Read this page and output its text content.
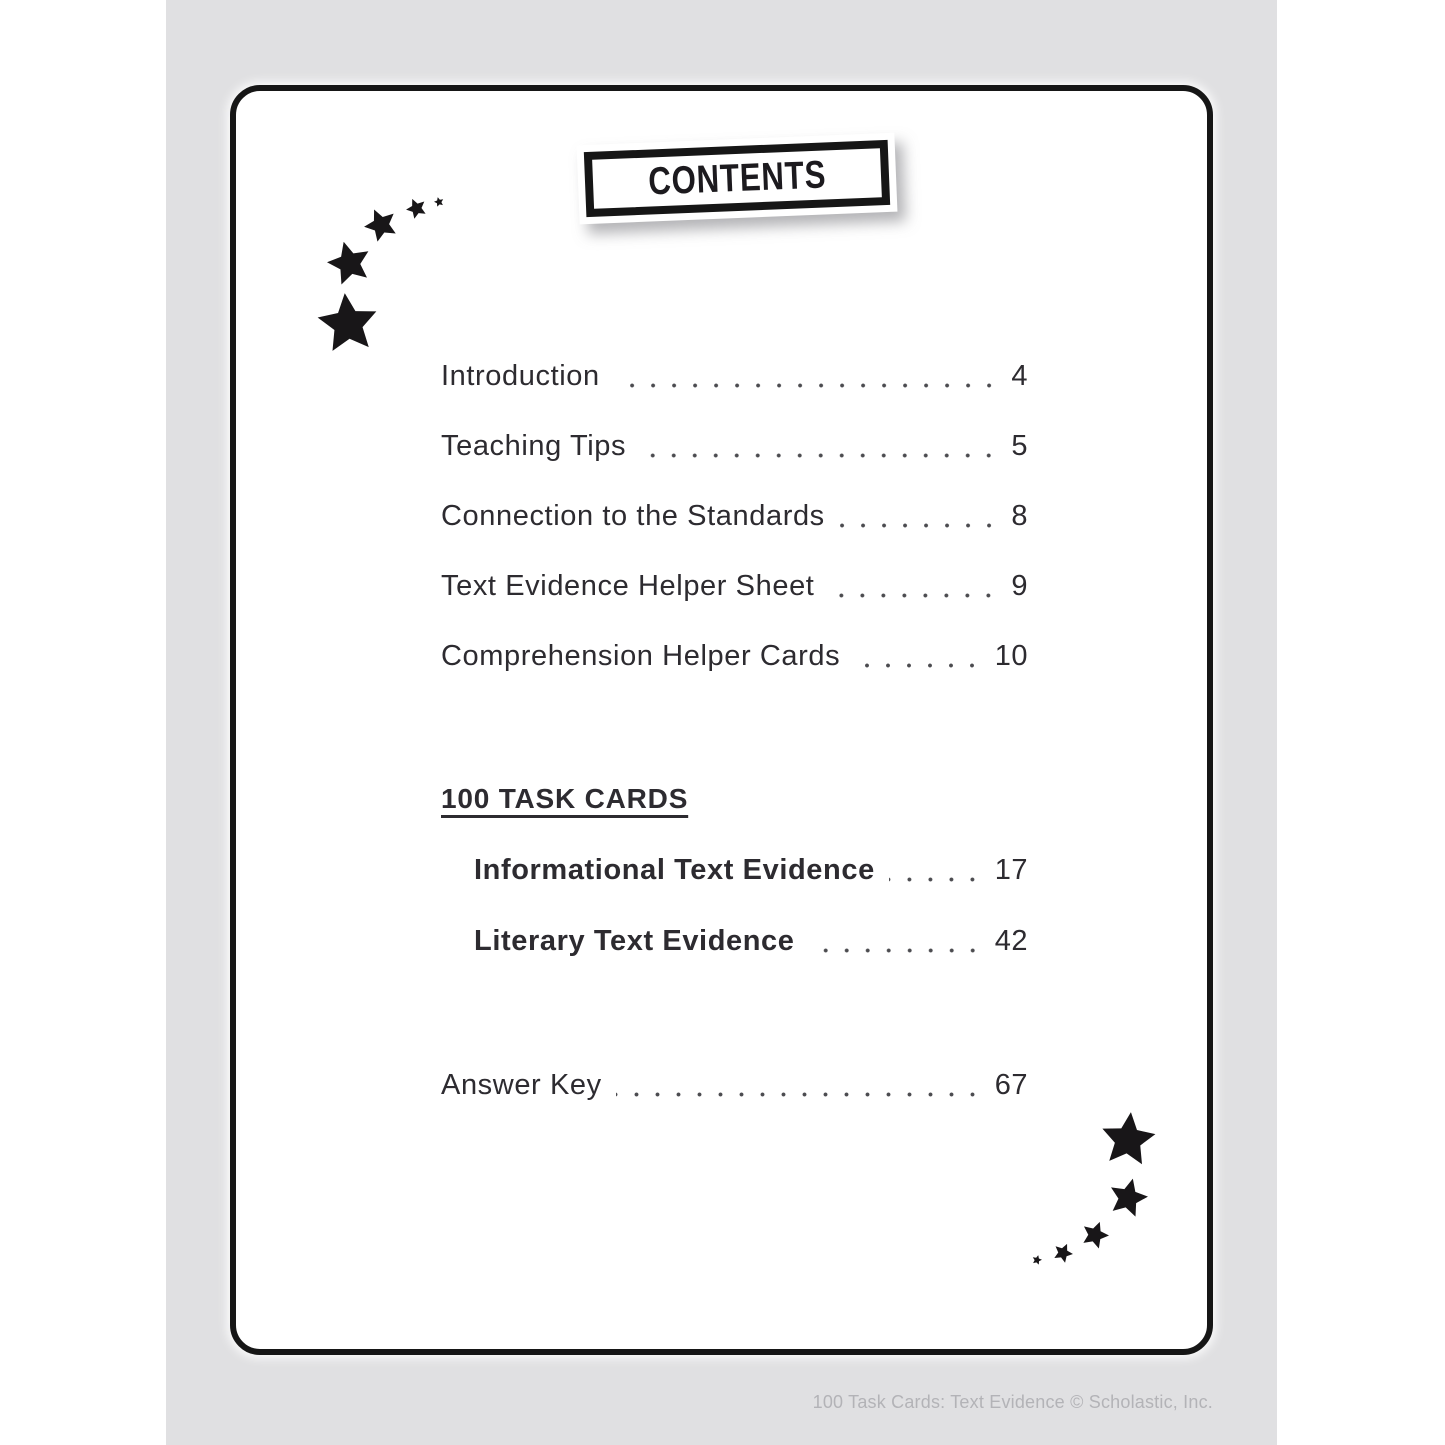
CONTENTS
Introduction	4
Teaching Tips	5
Connection to the Standards	8
Text Evidence Helper Sheet	9
Comprehension Helper Cards	10
100 TASK CARDS
Informational Text Evidence	17
Literary Text Evidence	42
Answer Key	67
100 Task Cards: Text Evidence © Scholastic, Inc.
